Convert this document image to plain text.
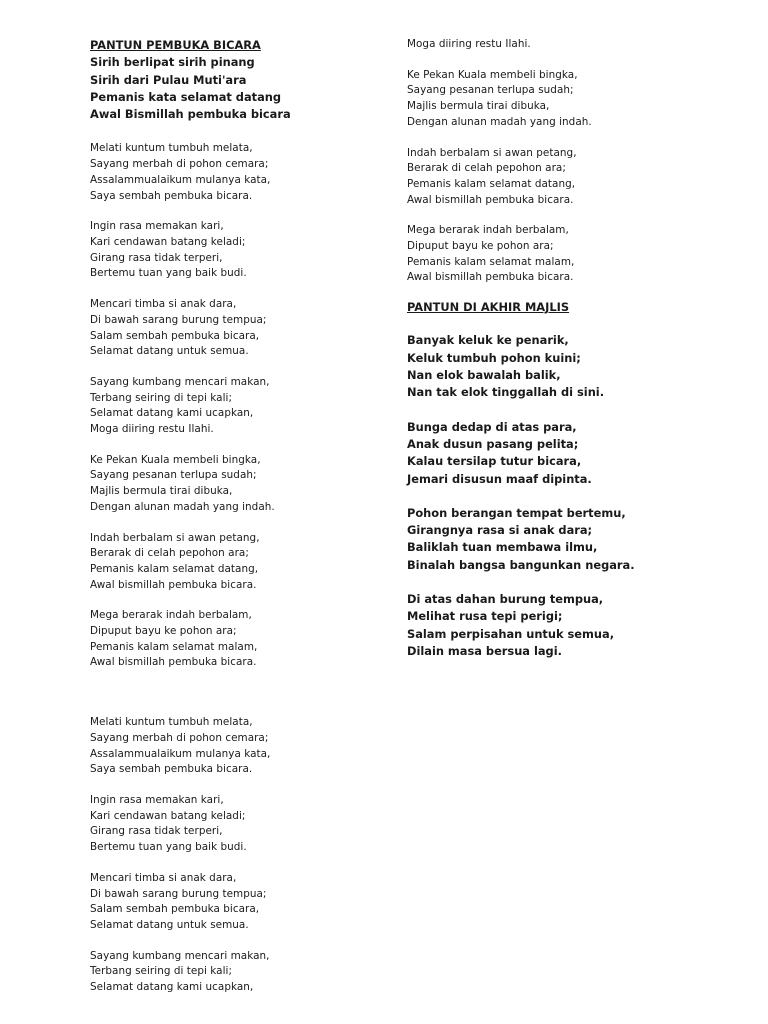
PANTUN PEMBUKA BICARA
Sirih berlipat sirih pinang
Sirih dari Pulau Muti'ara
Pemanis kata selamat datang
Awal Bismillah pembuka bicara
Melati kuntum tumbuh melata,
Sayang merbah di pohon cemara;
Assalammualaikum mulanya kata,
Saya sembah pembuka bicara.
Ingin rasa memakan kari,
Kari cendawan batang keladi;
Girang rasa tidak terperi,
Bertemu tuan yang baik budi.
Mencari timba si anak dara,
Di bawah sarang burung tempua;
Salam sembah pembuka bicara,
Selamat datang untuk semua.
Sayang kumbang mencari makan,
Terbang seiring di tepi kali;
Selamat datang kami ucapkan,
Moga diiring restu Ilahi.
Ke Pekan Kuala membeli bingka,
Sayang pesanan terlupa sudah;
Majlis bermula tirai dibuka,
Dengan alunan madah yang indah.
Indah berbalam si awan petang,
Berarak di celah pepohon ara;
Pemanis kalam selamat datang,
Awal bismillah pembuka bicara.
Mega berarak indah berbalam,
Dipuput bayu ke pohon ara;
Pemanis kalam selamat malam,
Awal bismillah pembuka bicara.
Melati kuntum tumbuh melata,
Sayang merbah di pohon cemara;
Assalammualaikum mulanya kata,
Saya sembah pembuka bicara.
Ingin rasa memakan kari,
Kari cendawan batang keladi;
Girang rasa tidak terperi,
Bertemu tuan yang baik budi.
Mencari timba si anak dara,
Di bawah sarang burung tempua;
Salam sembah pembuka bicara,
Selamat datang untuk semua.
Sayang kumbang mencari makan,
Terbang seiring di tepi kali;
Selamat datang kami ucapkan,
Moga diiring restu Ilahi.
Ke Pekan Kuala membeli bingka,
Sayang pesanan terlupa sudah;
Majlis bermula tirai dibuka,
Dengan alunan madah yang indah.
Indah berbalam si awan petang,
Berarak di celah pepohon ara;
Pemanis kalam selamat datang,
Awal bismillah pembuka bicara.
Mega berarak indah berbalam,
Dipuput bayu ke pohon ara;
Pemanis kalam selamat malam,
Awal bismillah pembuka bicara.
PANTUN DI AKHIR MAJLIS
Banyak keluk ke penarik,
Keluk tumbuh pohon kuini;
Nan elok bawalah balik,
Nan tak elok tinggallah di sini.
Bunga dedap di atas para,
Anak dusun pasang pelita;
Kalau tersilap tutur bicara,
Jemari disusun maaf dipinta.
Pohon berangan tempat bertemu,
Girangnya rasa si anak dara;
Baliklah tuan membawa ilmu,
Binalah bangsa bangunkan negara.
Di atas dahan burung tempua,
Melihat rusa tepi perigi;
Salam perpisahan untuk semua,
Dilain masa bersua lagi.
